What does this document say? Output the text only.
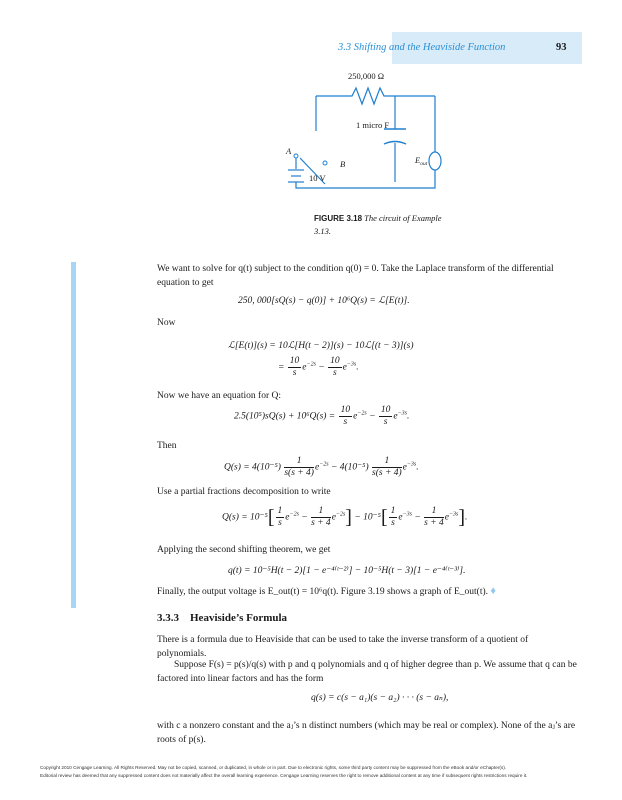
3.3 Shifting and the Heaviside Function	93
250,000 Ω
1 micro F
A
B
10 V
$E_{out}$
FIGURE 3.18 The circuit of Example 3.13.
We want to solve for q(t) subject to the condition q(0) = 0. Take the Laplace transform of the differential equation to get
250, 000[sQ(s) − q(0)] + 10⁶Q(s) = ℒ[E(t)].
Now
ℒ[E(t)](s) = 10ℒ[H(t − 2)](s) − 10ℒ[(t − 3)](s)
= $\frac{10}{s} e^{-2s} - \frac{10}{s} e^{-3s}$.
Now we have an equation for Q:
$2.5(10^5)sQ(s) + 10^6Q(s) = \frac{10}{s} e^{-2s} - \frac{10}{s} e^{-3s}$.
Then
$Q(s) = 4(10^{-5}) \frac{1}{s(s + 4)} e^{-2s} - 4(10^{-5}) \frac{1}{s(s + 4)} e^{-3s}$.
Use a partial fractions decomposition to write
$Q(s) = 10^{-5}[ \frac{1}{s} e^{-2s} - \frac{1}{s + 4} e^{-2s}] - 10^{-5}[ \frac{1}{s} e^{-3s} - \frac{1}{s + 4} e^{-3s}]$.
Applying the second shifting theorem, we get
q(t) = 10⁻⁵H(t − 2)[1 − e⁻⁴⁽ᵗ⁻²⁾] − 10⁻⁵H(t − 3)[1 − e⁻⁴⁽ᵗ⁻³⁾].
Finally, the output voltage is E_out(t) = 10⁶q(t). Figure 3.19 shows a graph of E_out(t). ♦
3.3.3 Heaviside’s Formula
There is a formula due to Heaviside that can be used to take the inverse transform of a quotient of polynomials.
Suppose F(s) = p(s)/q(s) with p and q polynomials and q of higher degree than p. We assume that q can be factored into linear factors and has the form
q(s) = c(s − a₁)(s − a₂) · · · (s − aₙ),
with c a nonzero constant and the aⱼ’s n distinct numbers (which may be real or complex). None of the aⱼ’s are roots of p(s).
Copyright 2010 Cengage Learning. All Rights Reserved. May not be copied, scanned, or duplicated, in whole or in part. Due to electronic rights, some third party content may be suppressed from the eBook and/or eChapter(s).
Editorial review has deemed that any suppressed content does not materially affect the overall learning experience. Cengage Learning reserves the right to remove additional content at any time if subsequent rights restrictions require it.
